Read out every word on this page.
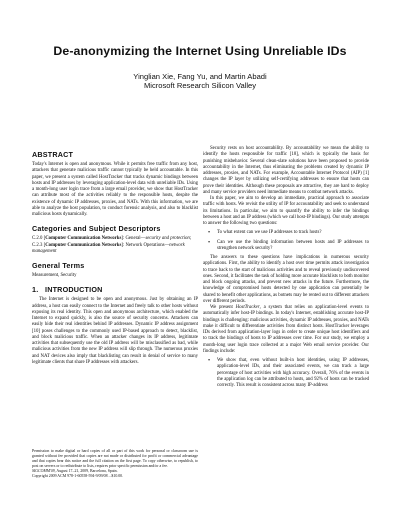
De-anonymizing the Internet Using Unreliable IDs
Yinglian Xie, Fang Yu, and Martin Abadi
Microsoft Research Silicon Valley
ABSTRACT

Today's Internet is open and anonymous. While it permits free traffic from any host, attackers that generate malicious traffic cannot typically be held accountable. In this paper, we present a system called HostTracker that tracks dynamic bindings between hosts and IP addresses by leveraging application-level data with unreliable IDs. Using a month-long user login trace from a large email provider, we show that HostTracker can attribute most of the activities reliably to the responsible hosts, despite the existence of dynamic IP addresses, proxies, and NATs. With this information, we are able to analyze the host population, to conduct forensic analysis, and also to blacklist malicious hosts dynamically.

Categories and Subject Descriptors

C.2.0 [Computer Communication Networks]: General—security and protection; C.2.3 [Computer Communication Networks]: Network Operations—network management

General Terms

Measurement, Security

1. INTRODUCTION

The Internet is designed to be open and anonymous. Just by obtaining an IP address, a host can easily connect to the Internet and freely talk to other hosts without exposing its real identity. This open and anonymous architecture, which enabled the Internet to expand quickly, is also the source of security concerns. Attackers can easily hide their real identities behind IP addresses. Dynamic IP address assignment [10] poses challenges to the commonly used IP-based approach to detect, blacklist, and block malicious traffic. When an attacker changes its IP address, legitimate activities that subsequently use the old IP address will be misclassified as bad, while malicious activities from the new IP address will slip through. The numerous proxies and NAT devices also imply that blacklisting can result in denial of service to many legitimate clients that share IP addresses with attackers.

Permission to make digital or hard copies of all or part of this work for personal or classroom use is granted without fee provided that copies are not made or distributed for profit or commercial advantage and that copies bear this notice and the full citation on the first page. To copy otherwise, to republish, to post on servers or to redistribute to lists, requires prior specific permission and/or a fee.

SIGCOMM'09, August 17–21, 2009, Barcelona, Spain.

Copyright 2009 ACM 978-1-60558-594-9/09/08 ...$10.00.

Security rests on host accountability. By accountability we mean the ability to identify the hosts responsible for traffic [18], which is typically the basis for punishing misbehavior. Several clean-slate solutions have been proposed to provide accountability in the Internet, thus eliminating the problems created by dynamic IP addresses, proxies, and NATs. For example, Accountable Internet Protocol (AIP) [1] changes the IP layer by utilizing self-certifying addresses to ensure that hosts can prove their identities. Although these proposals are attractive, they are hard to deploy and many service providers need immediate means to combat network attacks.

In this paper, we aim to develop an immediate, practical approach to associate traffic with hosts. We revisit the utility of IP for accountability and seek to understand its limitations. In particular, we aim to quantify the ability to infer the bindings between a host and an IP address (which we call host-IP bindings). Our study attempts to answer the following two questions:

• To what extent can we use IP addresses to track hosts?
• Can we use the binding information between hosts and IP addresses to strengthen network security?

The answers to these questions have implications in numerous security applications. First, the ability to identify a host over time permits attack investigation to trace back to the start of malicious activities and to reveal previously undiscovered ones. Second, it facilitates the task of holding more accurate blacklists to both monitor and block ongoing attacks, and prevent new attacks in the future. Furthermore, the knowledge of compromised hosts detected by one application can potentially be shared to benefit other applications, as botnets may be rented out to different attackers over different periods.

We present HostTracker, a system that relies on application-level events to automatically infer host-IP bindings. In today's Internet, establishing accurate host-IP bindings is challenging: malicious activities, dynamic IP addresses, proxies, and NATs make it difficult to differentiate activities from distinct hosts. HostTracker leverages IDs derived from application-layer logs in order to create unique host identifiers and to track the bindings of hosts to IP addresses over time. For our study, we employ a month-long user login trace collected at a major Web email service provider. Our findings include:

• We show that, even without built-in host identities, using IP addresses, application-level IDs, and their associated events, we can track a large percentage of host activities with high accuracy. Overall, 76% of the events in the application log can be attributed to hosts, and 92% of hosts can be tracked correctly. This result is consistent across many IP-address
